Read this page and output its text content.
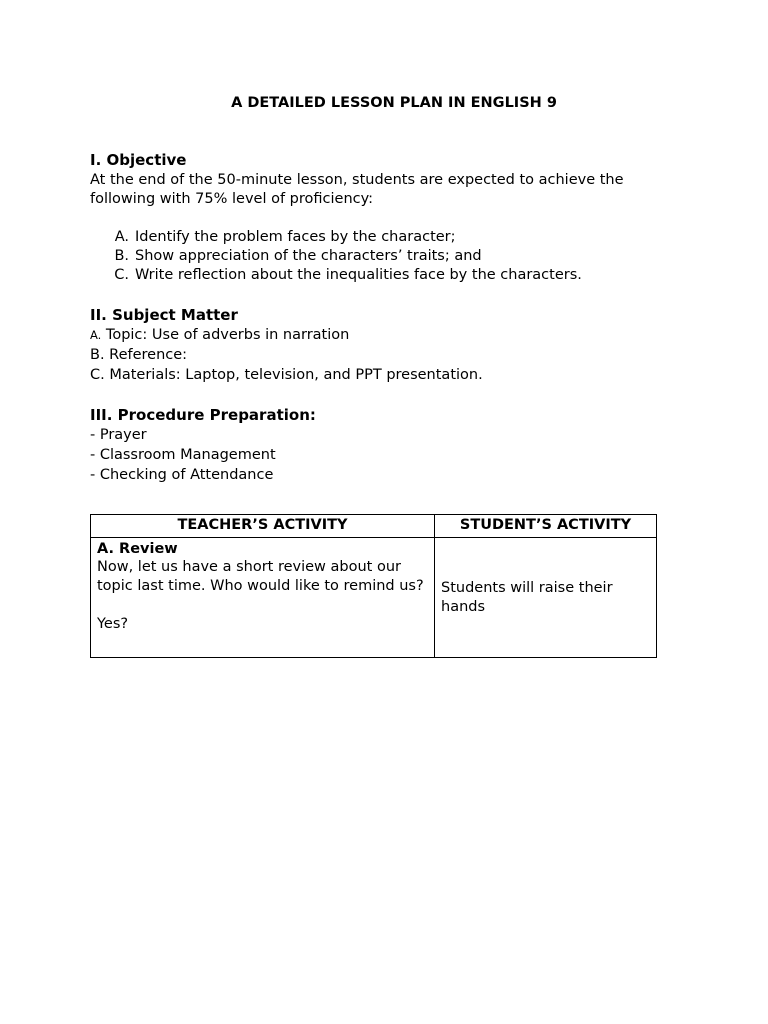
A DETAILED LESSON PLAN IN ENGLISH 9

I. Objective

At the end of the 50-minute lesson, students are expected to achieve the following with 75% level of proficiency:

A. Identify the problem faces by the character;
B. Show appreciation of the characters’ traits; and
C. Write reflection about the inequalities face by the characters.

II. Subject Matter

A. Topic: Use of adverbs in narration

B. Reference:

C. Materials: Laptop, television, and PPT presentation.

III. Procedure Preparation:

- Prayer

- Classroom Management

- Checking of Attendance

TEACHER’S ACTIVITY	STUDENT’S ACTIVITY

A. Review
Now, let us have a short review about our topic last time. Who would like to remind us?
Yes?	Students will raise their hands
